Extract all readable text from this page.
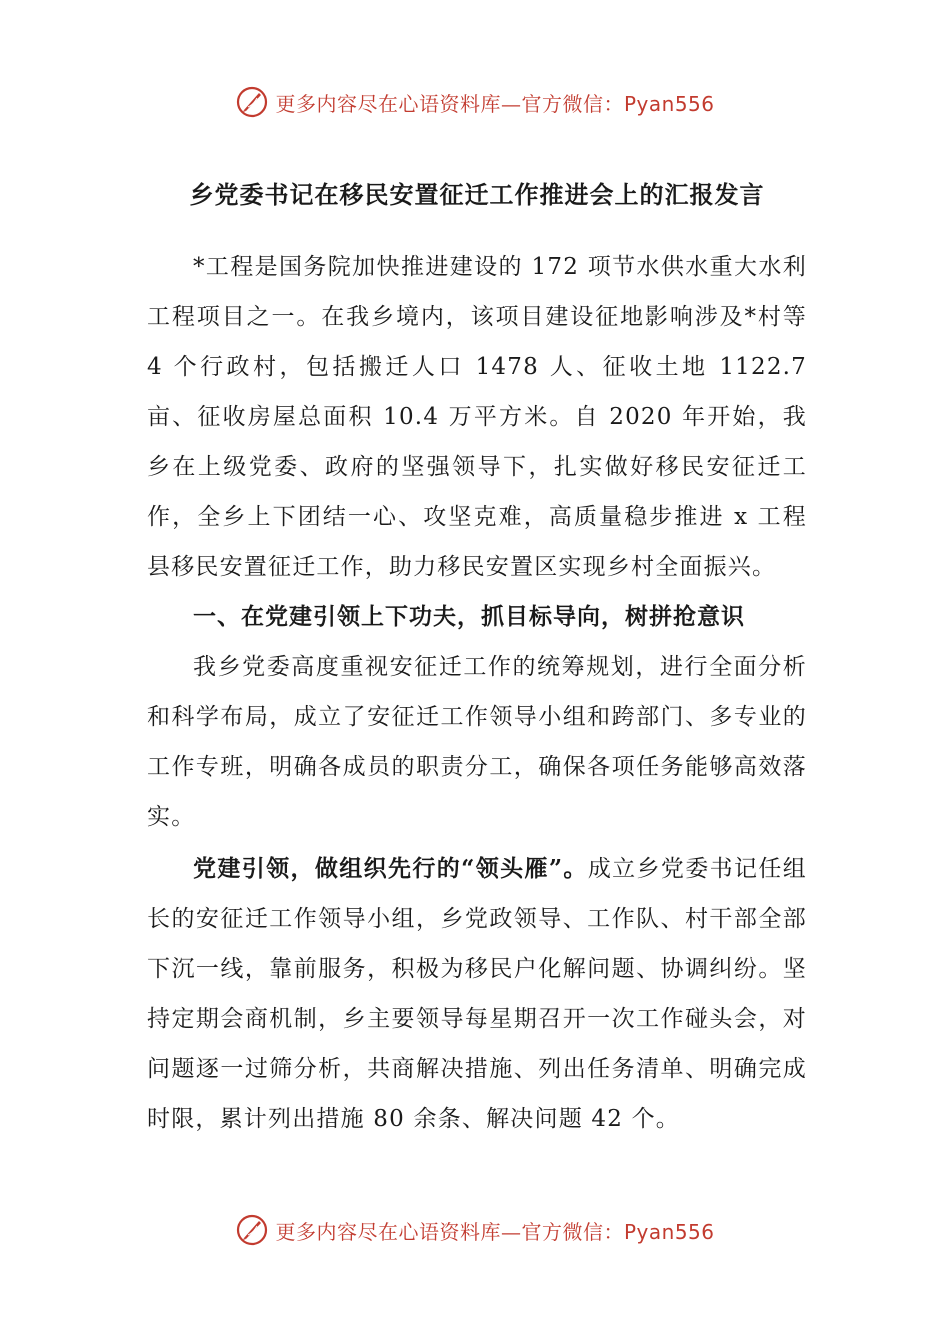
更多内容尽在心语资料库—官方微信：Pyan556
乡党委书记在移民安置征迁工作推进会上的汇报发言

*工程是国务院加快推进建设的 172 项节水供水重大水利工程项目之一。在我乡境内，该项目建设征地影响涉及*村等 4 个行政村，包括搬迁人口 1478 人、征收土地 1122.7 亩、征收房屋总面积 10.4 万平方米。自 2020 年开始，我乡在上级党委、政府的坚强领导下，扎实做好移民安征迁工作，全乡上下团结一心、攻坚克难，高质量稳步推进 x 工程县移民安置征迁工作，助力移民安置区实现乡村全面振兴。

一、在党建引领上下功夫，抓目标导向，树拼抢意识

我乡党委高度重视安征迁工作的统筹规划，进行全面分析和科学布局，成立了安征迁工作领导小组和跨部门、多专业的工作专班，明确各成员的职责分工，确保各项任务能够高效落实。

党建引领，做组织先行的“领头雁”。成立乡党委书记任组长的安征迁工作领导小组，乡党政领导、工作队、村干部全部下沉一线，靠前服务，积极为移民户化解问题、协调纠纷。坚持定期会商机制，乡主要领导每星期召开一次工作碰头会，对问题逐一过筛分析，共商解决措施、列出任务清单、明确完成时限，累计列出措施 80 余条、解决问题 42 个。

更多内容尽在心语资料库—官方微信：Pyan556
